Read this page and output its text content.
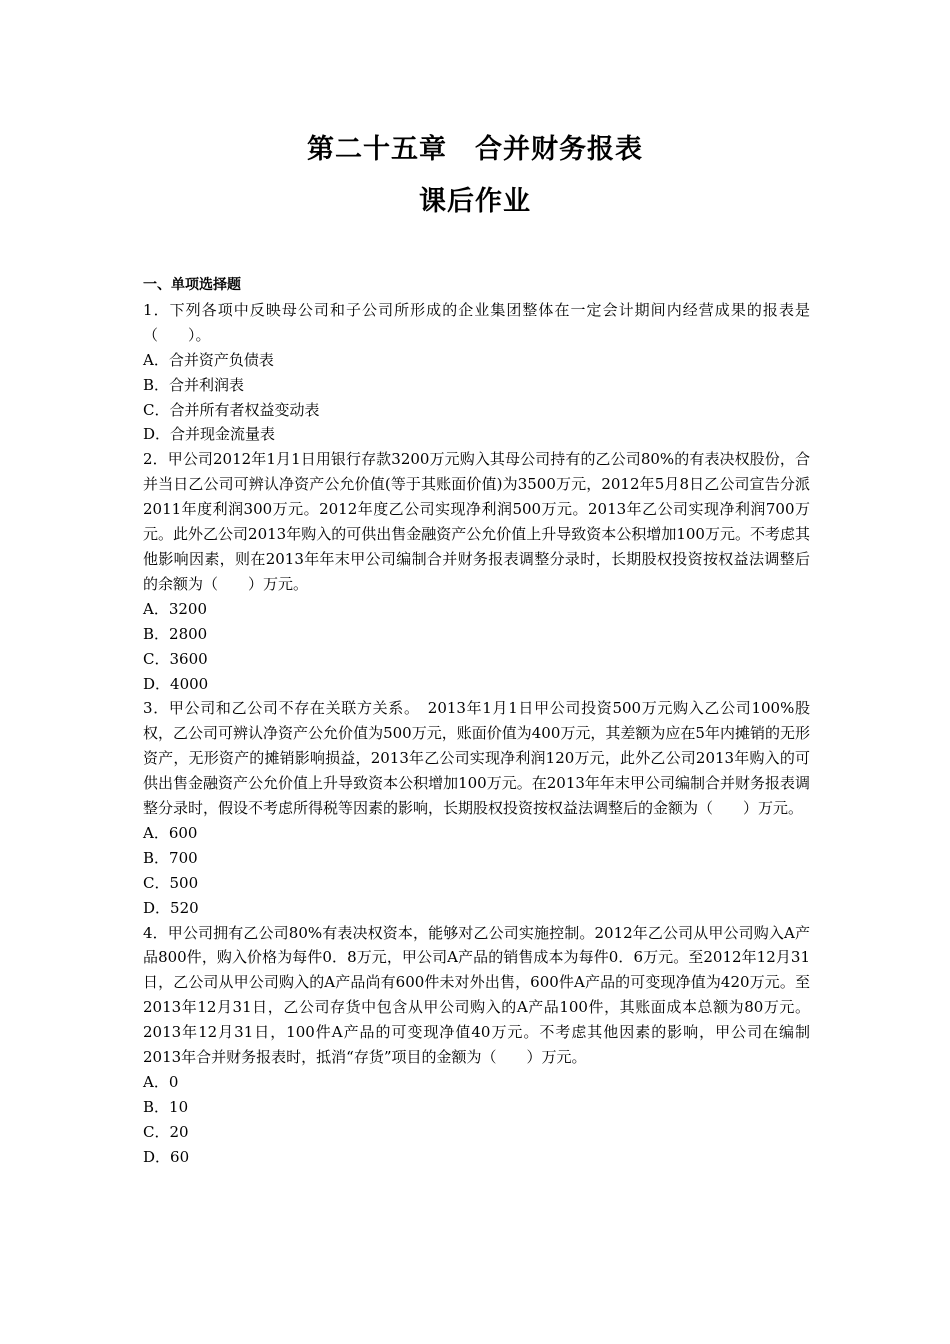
第二十五章　合并财务报表
课后作业
一、单项选择题

1．下列各项中反映母公司和子公司所形成的企业集团整体在一定会计期间内经营成果的报表是（　　）。

A．合并资产负债表
B．合并利润表
C．合并所有者权益变动表
D．合并现金流量表

2．甲公司2012年1月1日用银行存款3200万元购入其母公司持有的乙公司80%的有表决权股份，合并当日乙公司可辨认净资产公允价值(等于其账面价值)为3500万元，2012年5月8日乙公司宣告分派2011年度利润300万元。2012年度乙公司实现净利润500万元。2013年乙公司实现净利润700万元。此外乙公司2013年购入的可供出售金融资产公允价值上升导致资本公积增加100万元。不考虑其他影响因素，则在2013年年末甲公司编制合并财务报表调整分录时，长期股权投资按权益法调整后的余额为（　　）万元。

A．3200
B．2800
C．3600
D．4000

3．甲公司和乙公司不存在关联方关系。　2013年1月1日甲公司投资500万元购入乙公司100%股权，乙公司可辨认净资产公允价值为500万元，账面价值为400万元，其差额为应在5年内摊销的无形资产，无形资产的摊销影响损益，2013年乙公司实现净利润120万元，此外乙公司2013年购入的可供出售金融资产公允价值上升导致资本公积增加100万元。在2013年年末甲公司编制合并财务报表调整分录时，假设不考虑所得税等因素的影响，长期股权投资按权益法调整后的金额为（　　）万元。

A．600
B．700
C．500
D．520

4．甲公司拥有乙公司80%有表决权资本，能够对乙公司实施控制。2012年乙公司从甲公司购入A产品800件，购入价格为每件0．8万元，甲公司A产品的销售成本为每件0．6万元。至2012年12月31日，乙公司从甲公司购入的A产品尚有600件未对外出售，600件A产品的可变现净值为420万元。至2013年12月31日，乙公司存货中包含从甲公司购入的A产品100件，其账面成本总额为80万元。2013年12月31日，100件A产品的可变现净值40万元。不考虑其他因素的影响，甲公司在编制2013年合并财务报表时，抵消“存货”项目的金额为（　　）万元。

A．0
B．10
C．20
D．60
